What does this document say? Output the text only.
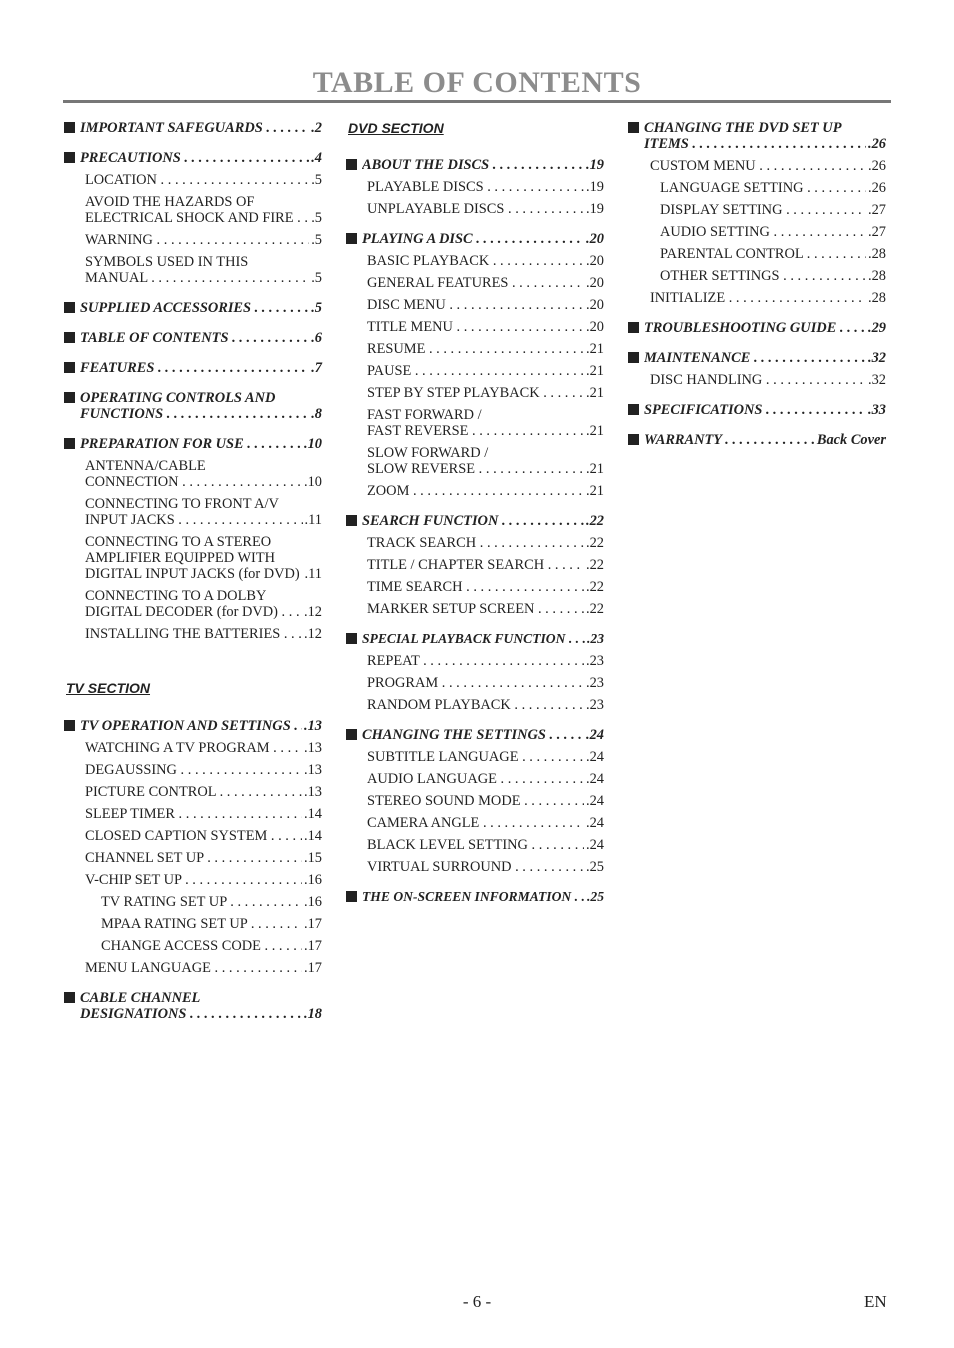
TABLE OF CONTENTS
IMPORTANT SAFEGUARDS . . .	.2
PRECAUTIONS . . .	.4
LOCATION . . .	.5
AVOID THE HAZARDS OF
ELECTRICAL SHOCK AND FIRE . . .	.5
WARNING . . .	.5
SYMBOLS USED IN THIS
MANUAL . . .	.5
SUPPLIED ACCESSORIES . . .	.5
TABLE OF CONTENTS . . .	.6
FEATURES . . .	.7
OPERATING CONTROLS AND
FUNCTIONS . . .	.8
PREPARATION FOR USE . . .	.10
ANTENNA/CABLE
CONNECTION . . .	.10
CONNECTING TO FRONT A/V
INPUT JACKS . . .	.11
CONNECTING TO A STEREO
AMPLIFIER EQUIPPED WITH
DIGITAL INPUT JACKS (for DVD) . . . .11
CONNECTING TO A DOLBY
DIGITAL DECODER (for DVD) . . .	.12
INSTALLING THE BATTERIES . . .	.12
TV SECTION
TV OPERATION AND SETTINGS . . . .13
WATCHING A TV PROGRAM . . .	.13
DEGAUSSING . . .	.13
PICTURE CONTROL . . .	.13
SLEEP TIMER . . .	.14
CLOSED CAPTION SYSTEM . . .	.14
CHANNEL SET UP . . .	.15
V-CHIP SET UP . . .	.16
TV RATING SET UP . . .	.16
MPAA RATING SET UP . . .	.17
CHANGE ACCESS CODE . . .	.17
MENU LANGUAGE . . .	.17
CABLE CHANNEL
DESIGNATIONS . . .	.18
DVD SECTION
ABOUT THE DISCS . . .	.19
PLAYABLE DISCS . . .	.19
UNPLAYABLE DISCS . . .	.19
PLAYING A DISC . . .	.20
BASIC PLAYBACK . . .	.20
GENERAL FEATURES . . .	.20
DISC MENU . . .	.20
TITLE MENU . . .	.20
RESUME . . .	.21
PAUSE . . .	.21
STEP BY STEP PLAYBACK . . .	.21
FAST FORWARD /
FAST REVERSE . . .	.21
SLOW FORWARD /
SLOW REVERSE . . .	.21
ZOOM . . .	.21
SEARCH FUNCTION . . .	.22
TRACK SEARCH . . .	.22
TITLE / CHAPTER SEARCH . . .	.22
TIME SEARCH . . .	.22
MARKER SETUP SCREEN . . .	.22
SPECIAL PLAYBACK FUNCTION . . .	.23
REPEAT . . .	.23
PROGRAM . . .	.23
RANDOM PLAYBACK . . .	.23
CHANGING THE SETTINGS . . .	.24
SUBTITLE LANGUAGE . . .	.24
AUDIO LANGUAGE . . .	.24
STEREO SOUND MODE . . .	.24
CAMERA ANGLE . . .	.24
BLACK LEVEL SETTING . . .	.24
VIRTUAL SURROUND . . .	.25
THE ON-SCREEN INFORMATION . . .	.25
CHANGING THE DVD SET UP
ITEMS . . .	.26
CUSTOM MENU . . .	.26
LANGUAGE SETTING . . .	.26
DISPLAY SETTING . . .	.27
AUDIO SETTING . . .	.27
PARENTAL CONTROL . . .	.28
OTHER SETTINGS . . .	.28
INITIALIZE . . .	.28
TROUBLESHOOTING GUIDE . . .	.29
MAINTENANCE . . .	.32
DISC HANDLING . . .	.32
SPECIFICATIONS . . .	.33
WARRANTY . . .	Back Cover
- 6 -	EN
